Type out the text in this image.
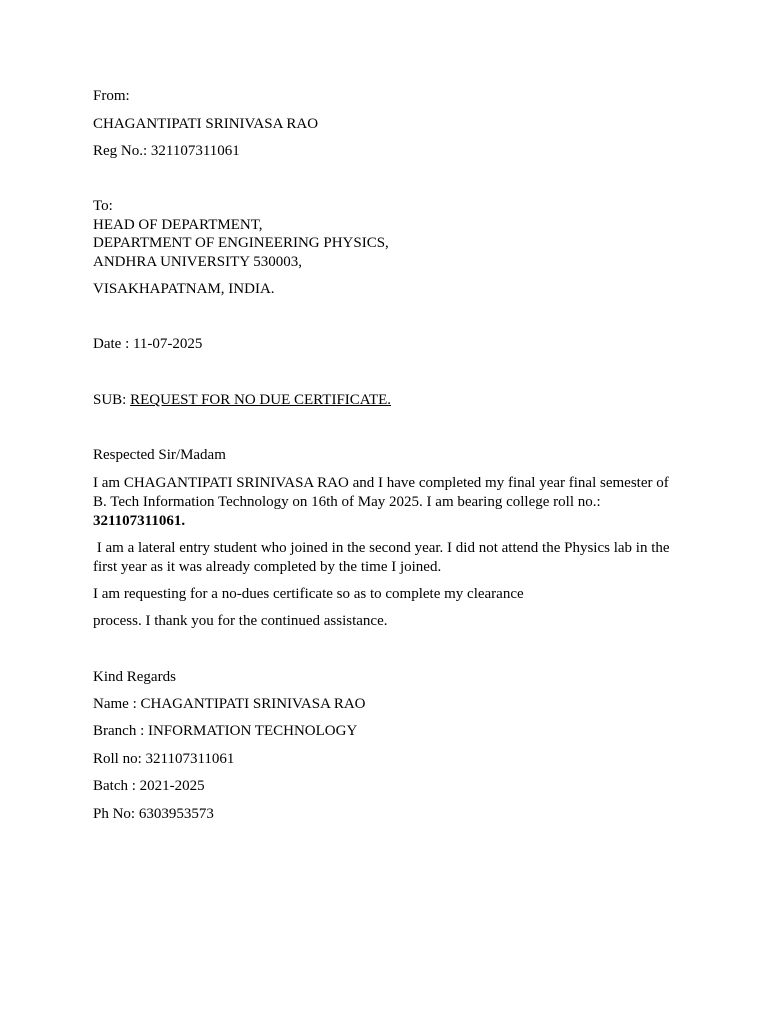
From:
CHAGANTIPATI SRINIVASA RAO
Reg No.: 321107311061
To:
HEAD OF DEPARTMENT,
DEPARTMENT OF ENGINEERING PHYSICS,
ANDHRA UNIVERSITY 530003,
VISAKHAPATNAM, INDIA.
Date : 11-07-2025
SUB: REQUEST FOR NO DUE CERTIFICATE.
Respected Sir/Madam
I am CHAGANTIPATI SRINIVASA RAO and I have completed my final year final semester of B. Tech Information Technology on 16th of May 2025. I am bearing college roll no.: 321107311061.
I am a lateral entry student who joined in the second year. I did not attend the Physics lab in the first year as it was already completed by the time I joined.
I am requesting for a no-dues certificate so as to complete my clearance
process. I thank you for the continued assistance.
Kind Regards
Name : CHAGANTIPATI SRINIVASA RAO
Branch : INFORMATION TECHNOLOGY
Roll no: 321107311061
Batch : 2021-2025
Ph No: 6303953573
